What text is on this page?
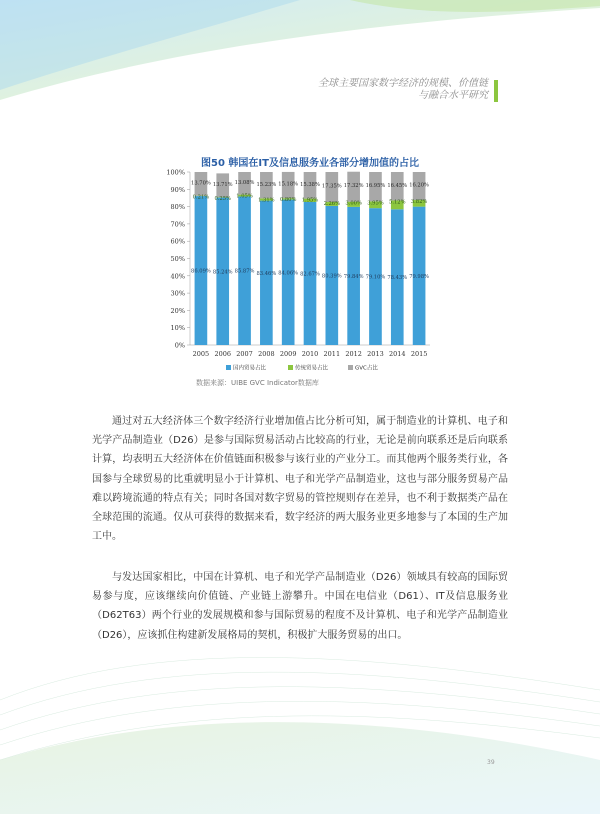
全球主要国家数字经济的规模、价值链
与融合水平研究
图50 韩国在IT及信息服务业各部分增加值的占比
0%
10%
20%
30%
40%
50%
60%
70%
80%
90%
100%
86.09%
0.21%
13.70%
2005
85.24%
0.25%
13.71%
2006
85.87%
1.05%
13.08%
2007
83.46%
1.31%
15.23%
2008
84.06%
0.80%
15.18%
2009
82.67%
1.95%
15.38%
2010
80.39%
2.26%
17.35%
2011
79.84%
3.00%
17.32%
2012
79.10%
3.95%
16.95%
2013
78.43%
5.12%
16.45%
2014
79.98%
3.82%
16.20%
2015
国内贸易占比	传统贸易占比	GVC占比
数据来源：UIBE GVC Indicator数据库

通过对五大经济体三个数字经济行业增加值占比分析可知，属于制造业的计算机、电子和光学产品制造业（D26）是参与国际贸易活动占比较高的行业，无论是前向联系还是后向联系计算，均表明五大经济体在价值链面积极参与该行业的产业分工。而其他两个服务类行业，各国参与全球贸易的比重就明显小于计算机、电子和光学产品制造业，这也与部分服务贸易产品难以跨境流通的特点有关；同时各国对数字贸易的管控规则存在差异，也不利于数据类产品在全球范围的流通。仅从可获得的数据来看，数字经济的两大服务业更多地参与了本国的生产加工中。

与发达国家相比，中国在计算机、电子和光学产品制造业（D26）领域具有较高的国际贸易参与度，应该继续向价值链、产业链上游攀升。中国在电信业（D61）、IT及信息服务业（D62T63）两个行业的发展规模和参与国际贸易的程度不及计算机、电子和光学产品制造业（D26），应该抓住构建新发展格局的契机，积极扩大服务贸易的出口。

39
